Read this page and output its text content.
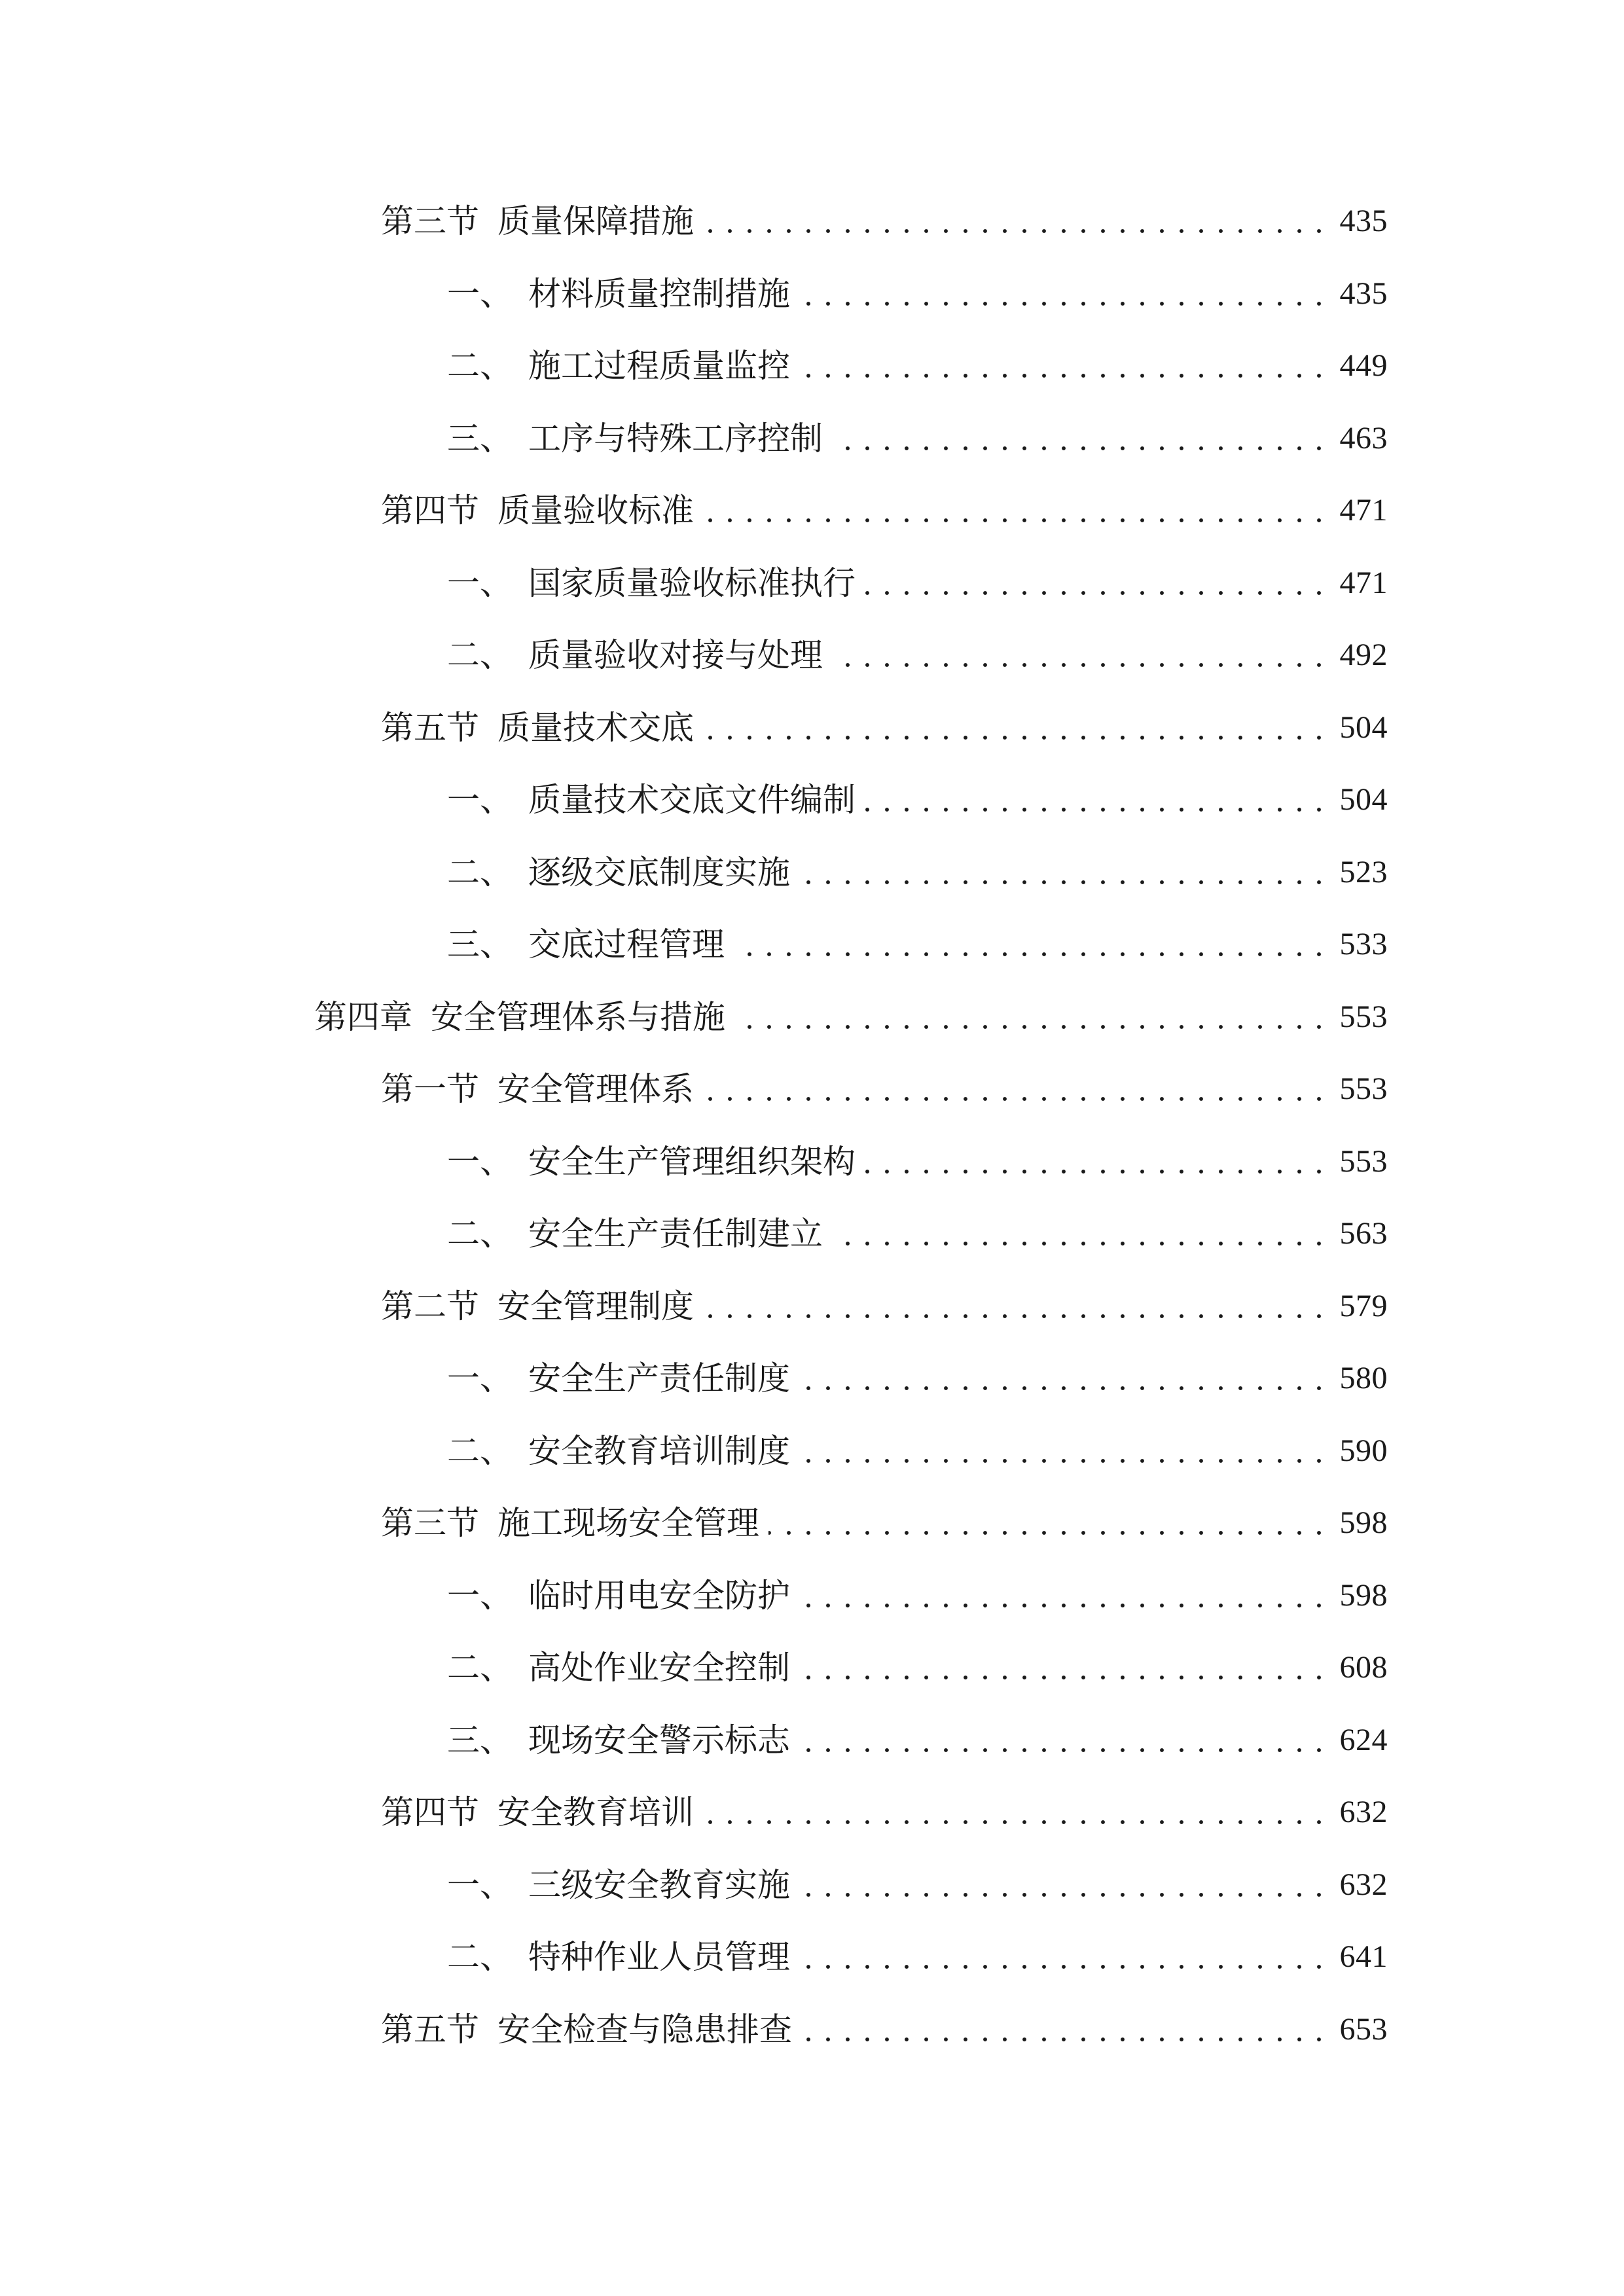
第三节 质量保障措施	435
一、 材料质量控制措施	435
二、 施工过程质量监控	449
三、 工序与特殊工序控制	463
第四节 质量验收标准	471
一、 国家质量验收标准执行	471
二、 质量验收对接与处理	492
第五节 质量技术交底	504
一、 质量技术交底文件编制	504
二、 逐级交底制度实施	523
三、 交底过程管理	533
第四章 安全管理体系与措施	553
第一节 安全管理体系	553
一、 安全生产管理组织架构	553
二、 安全生产责任制建立	563
第二节 安全管理制度	579
一、 安全生产责任制度	580
二、 安全教育培训制度	590
第三节 施工现场安全管理	598
一、 临时用电安全防护	598
二、 高处作业安全控制	608
三、 现场安全警示标志	624
第四节 安全教育培训	632
一、 三级安全教育实施	632
二、 特种作业人员管理	641
第五节 安全检查与隐患排查	653
